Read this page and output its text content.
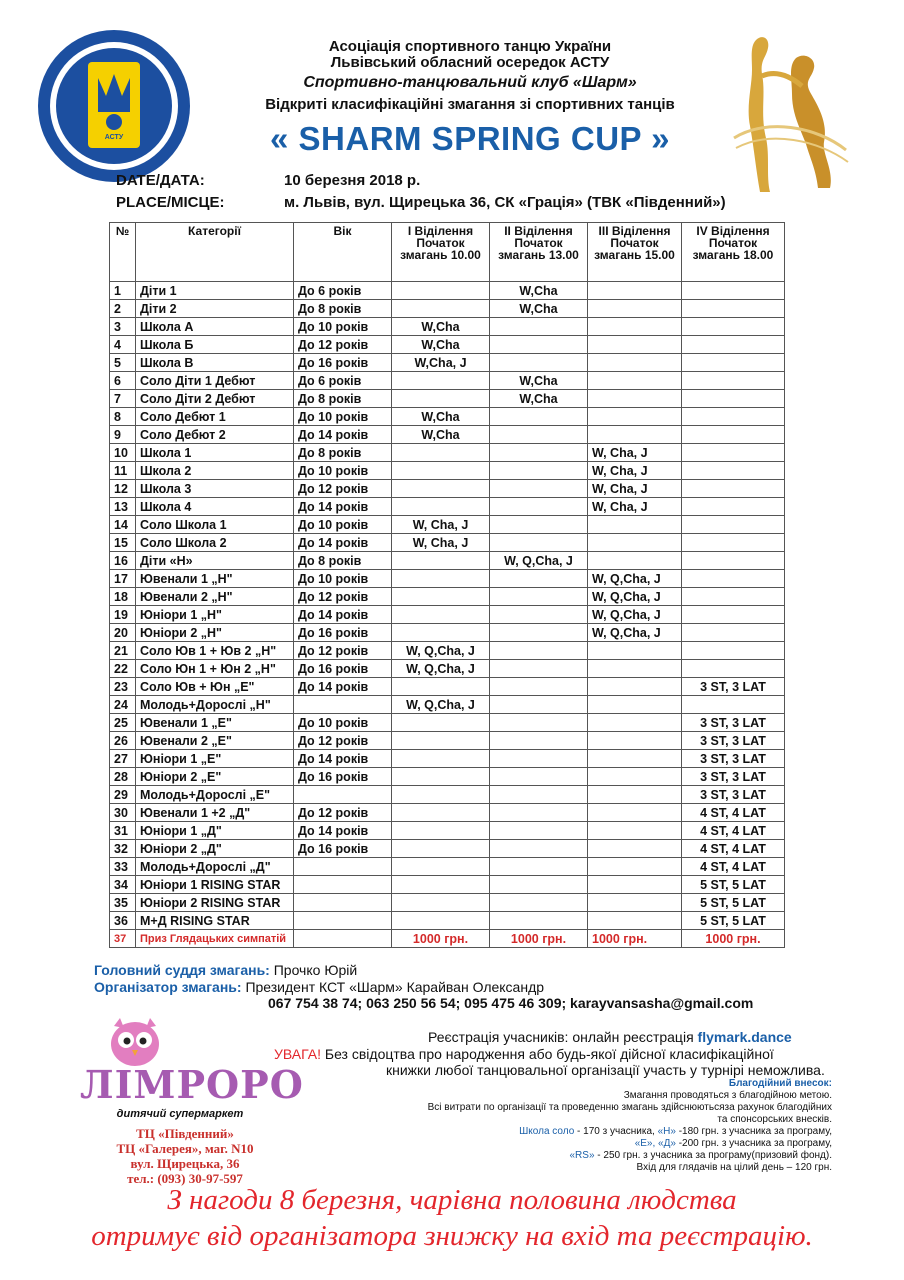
АСТУ
Асоціація спортивного танцю України
Львівський обласний осередок АСТУ
Спортивно-танцювальний клуб «Шарм»
Відкриті класифікаційні змагання зі спортивних танців
« SHARM SPRING CUP »
DATE/ДАТА:	10 березня 2018 р.
PLACE/МІСЦЕ:	м. Львів, вул. Щирецька 36, СК «Грація» (ТВК «Південний»)
№	Категорії	Вік	І Віділення Початок змагань 10.00	ІІ Віділення Початок змагань 13.00	ІІІ Віділення Початок змагань 15.00	IV Віділення Початок змагань 18.00
1	Діти 1	До 6 років		W,Cha		
2	Діти 2	До 8 років		W,Cha		
3	Школа А	До 10 років	W,Cha			
4	Школа Б	До 12 років	W,Cha			
5	Школа В	До 16 років	W,Cha, J			
6	Соло Діти 1 Дебют	До 6 років		W,Cha		
7	Соло Діти 2 Дебют	До 8 років		W,Cha		
8	Соло Дебют 1	До 10 років	W,Cha			
9	Соло Дебют 2	До 14 років	W,Cha			
10	Школа 1	До 8 років			W, Cha, J	
11	Школа 2	До 10 років			W, Cha, J	
12	Школа 3	До 12 років			W, Cha, J	
13	Школа 4	До 14 років			W, Cha, J	
14	Соло Школа 1	До 10 років	W, Cha, J			
15	Соло Школа 2	До 14 років	W, Cha, J			
16	Діти «Н»	До 8 років		W, Q,Cha, J		
17	Ювенали 1 „Н"	До 10 років			W, Q,Cha, J	
18	Ювенали 2 „Н"	До 12 років			W, Q,Cha, J	
19	Юніори 1 „Н"	До 14 років			W, Q,Cha, J	
20	Юніори 2 „Н"	До 16 років			W, Q,Cha, J	
21	Соло Юв 1 + Юв 2 „Н"	До 12 років	W, Q,Cha, J			
22	Соло Юн 1 + Юн 2 „Н"	До 16 років	W, Q,Cha, J			
23	Соло Юв + Юн „Е"	До 14 років				3 ST, 3 LAT
24	Молодь+Дорослі „Н"		W, Q,Cha, J			
25	Ювенали 1 „Е"	До 10 років				3 ST, 3 LAT
26	Ювенали 2 „Е"	До 12 років				3 ST, 3 LAT
27	Юніори 1 „Е"	До 14 років				3 ST, 3 LAT
28	Юніори 2 „Е"	До 16 років				3 ST, 3 LAT
29	Молодь+Дорослі „Е"					3 ST, 3 LAT
30	Ювенали 1 +2 „Д"	До 12 років				4 ST, 4 LAT
31	Юніори 1 „Д"	До 14 років				4 ST, 4 LAT
32	Юніори 2 „Д"	До 16 років				4 ST, 4 LAT
33	Молодь+Дорослі „Д"					4 ST, 4 LAT
34	Юніори 1 RISING STAR					5 ST, 5 LAT
35	Юніори 2 RISING STAR					5 ST, 5 LAT
36	М+Д RISING STAR					5 ST, 5 LAT
37	Приз Глядацьких симпатій		1000 грн.	1000 грн.	1000 грн.	1000 грн.
Головний суддя змагань: Прочко Юрій
Організатор змагань: Президент КСТ «Шарм» Карайван Олександр
067 754 38 74; 063 250 56 54; 095 475 46 309; karayvansasha@gmail.com
Реєстрація учасників: онлайн реєстрація flymark.dance
УВАГА! Без свідоцтва про народження або будь-якої дійсної класифікаційної
книжки любої танцювальної організації участь у турнірі неможлива.
Благодійний внесок:
Змагання проводяться з благодійною метою.
Всі витрати по організації та проведенню змагань здійснюютьсяза рахунок благодійних
та спонсорських внесків.
Школа соло - 170 з учасника, «Н» -180 грн. з учасника за програму,
«Е», «Д» -200 грн. з учасника за програму,
«RS» - 250 грн. з учасника за програму(призовий фонд).
Вхід для глядачів на цілий день – 120 грн.
ЛІМРОРО
дитячий супермаркет
ТЦ «Південний»
ТЦ «Галерея», маг. N10
вул. Щирецька, 36
тел.: (093) 30-97-597
З нагоди 8 березня, чарівна половина людства
отримує від організатора знижку на вхід та реєстрацію.
